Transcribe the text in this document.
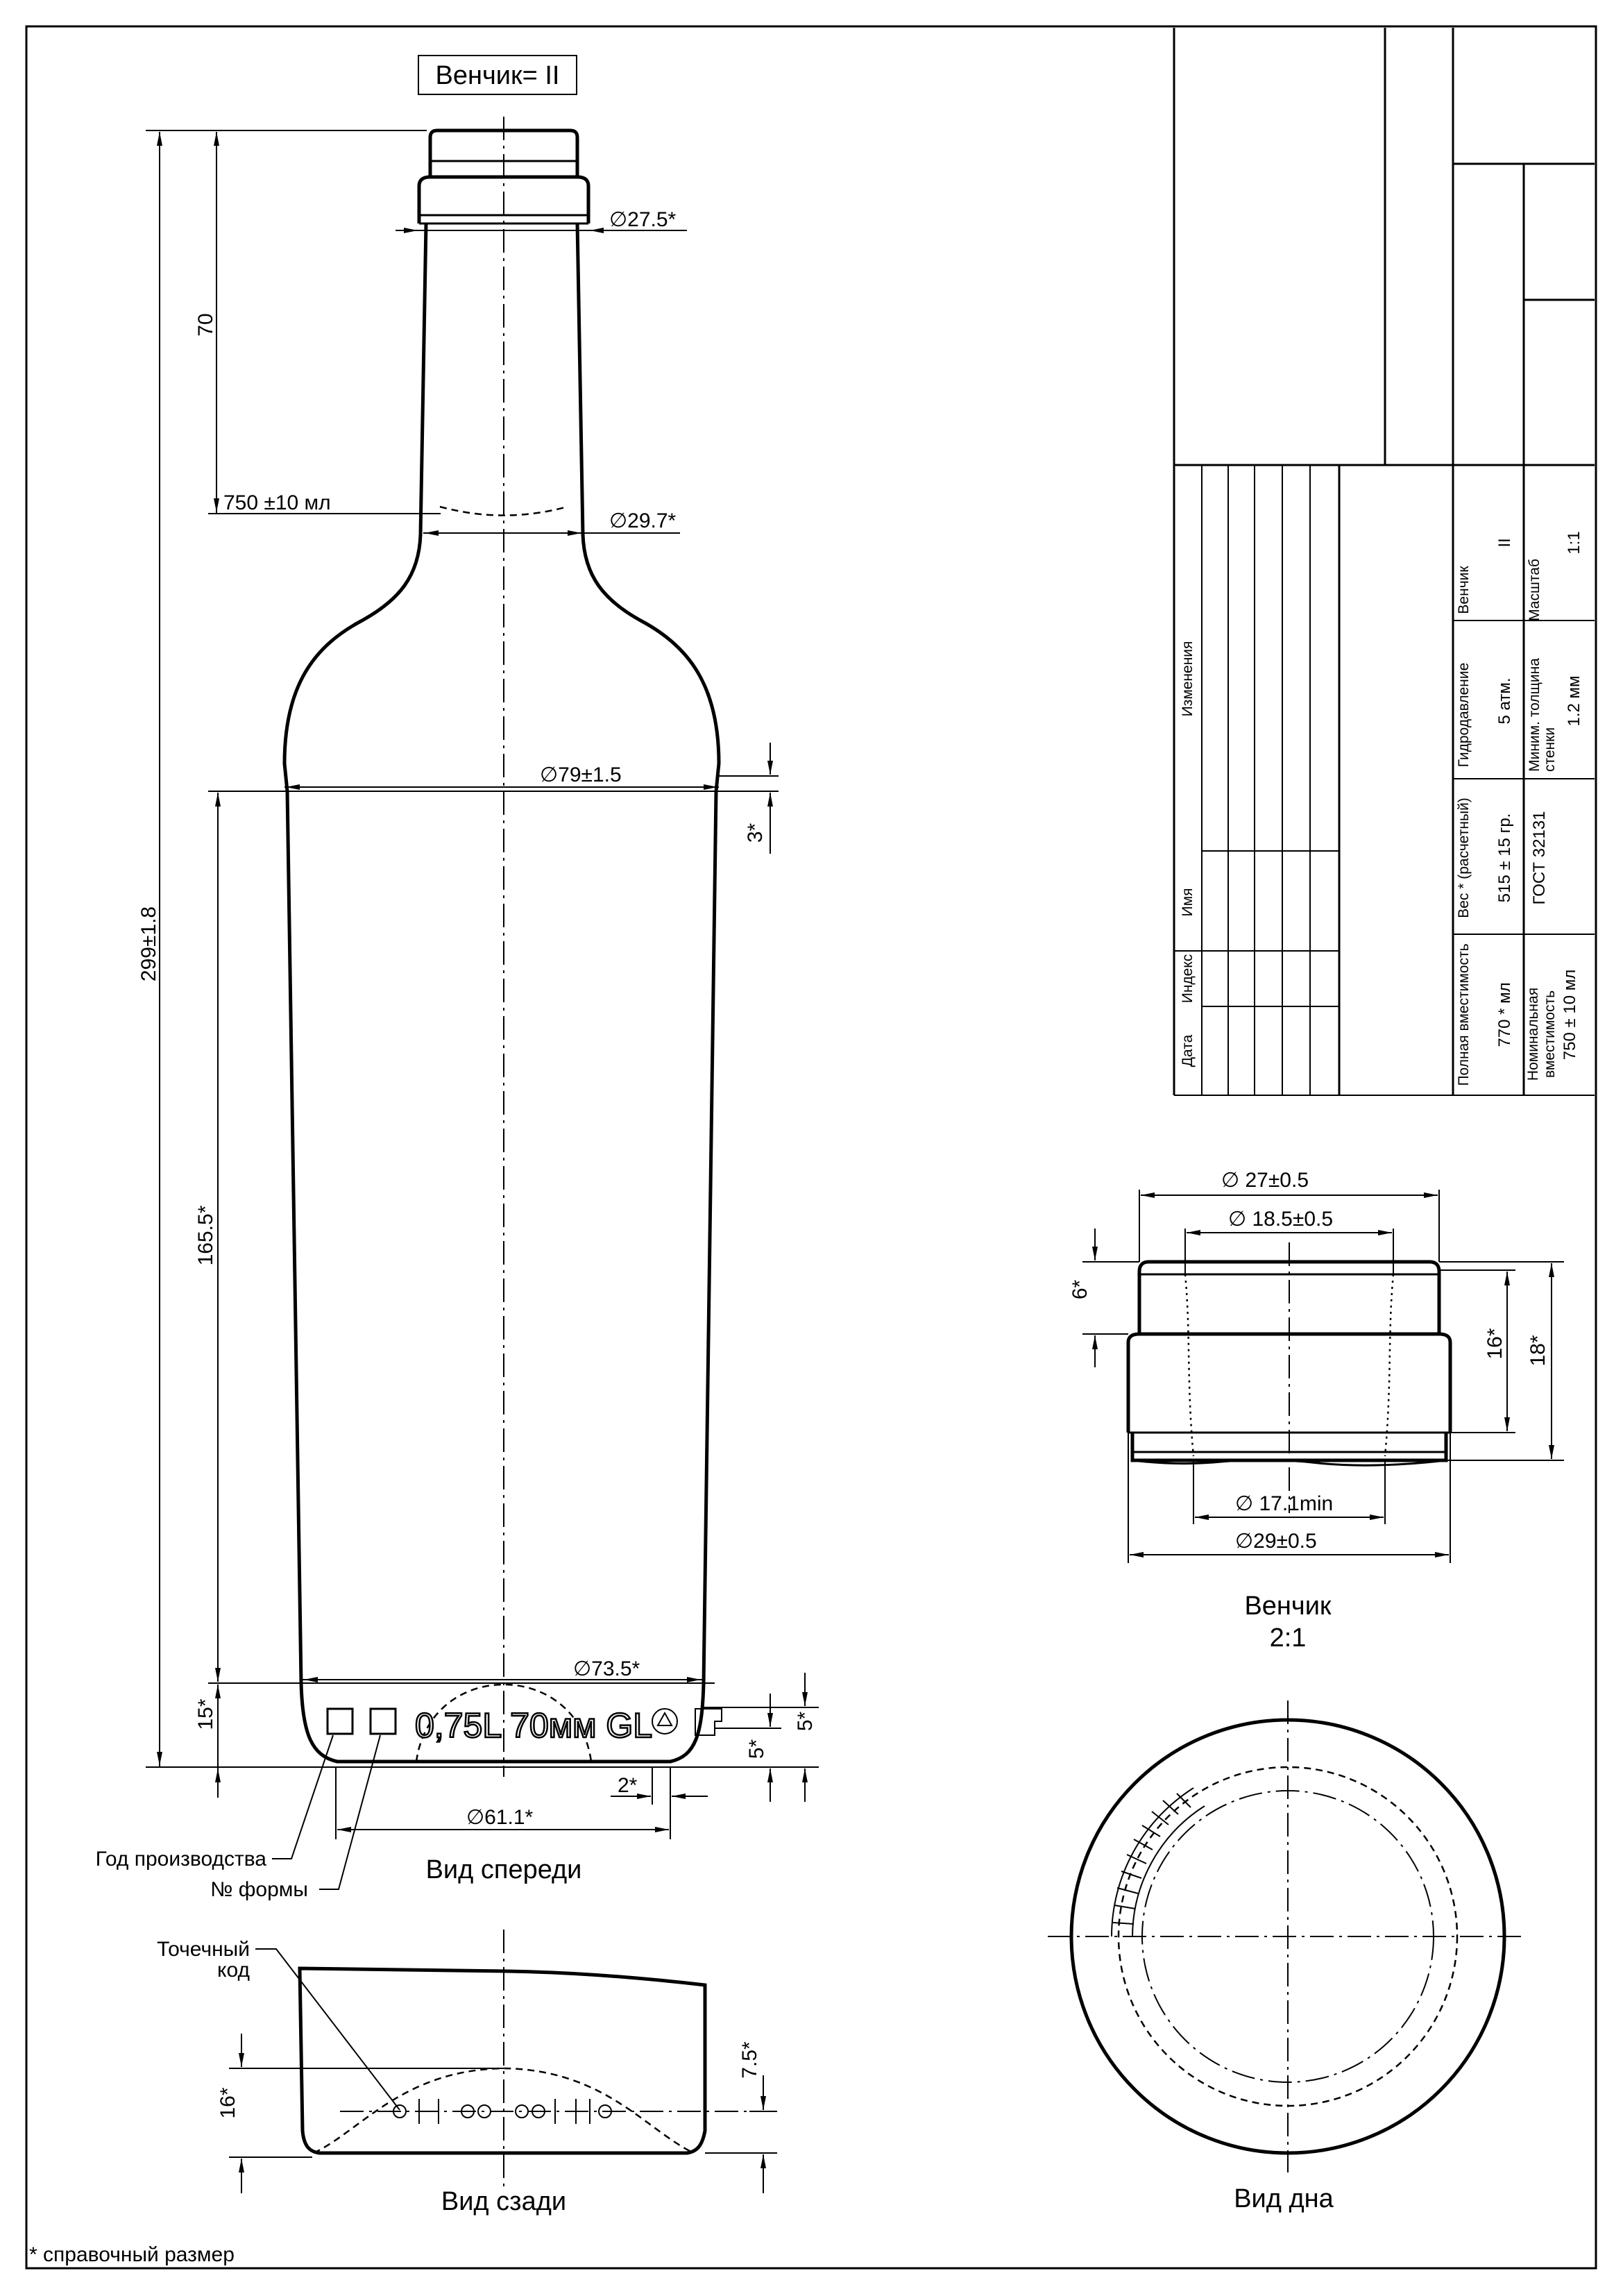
Венчик= II
0,75L 70мм GL
∅27.5*
∅29.7*
750 ±10 мл
299±1.8
70
∅79±1.5
3*
165.5*
∅73.5*
15*	5*
5*
2*
∅61.1*
Год производства
№ формы
Вид спереди
Точечный
код
16*
7.5*
Вид сзади
∅ 27±0.5
∅ 18.5±0.5
6*
16* 18*
∅ 17.1min
∅29±0.5
Венчик
2:1
Вид дна
Изменения
Имя
Индекс
Дата
Венчик
II
Масштаб
1:1
Гидродавление 5 атм. Миним. толщина стенки
1.2 мм
Вес * (расчетный) 515 ± 15 гр. ГОСТ 32131
Полная вместимость 770 * мл Номинальная вместимость 750 ± 10 мл
* справочный размер
